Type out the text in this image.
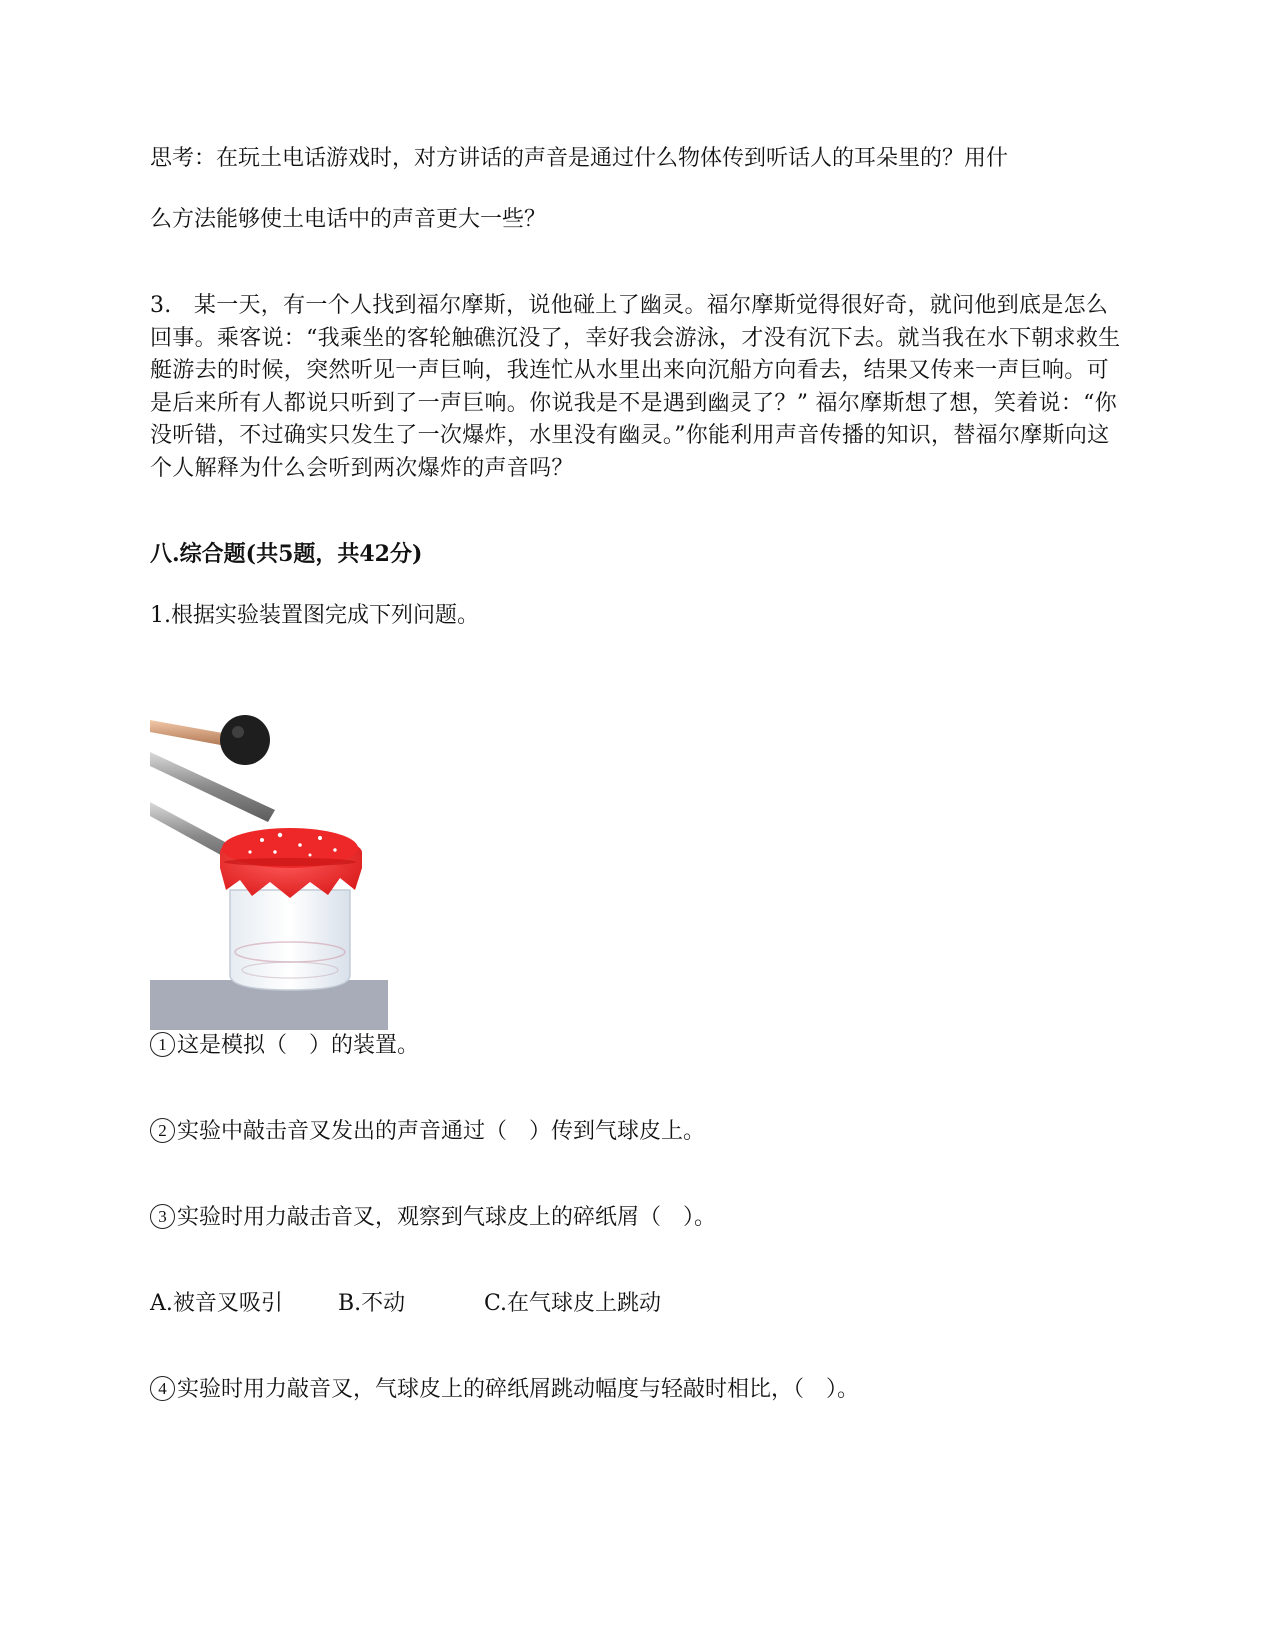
思考：在玩土电话游戏时，对方讲话的声音是通过什么物体传到听话人的耳朵里的？用什
么方法能够使土电话中的声音更大一些？
3.　某一天，有一个人找到福尔摩斯，说他碰上了幽灵。福尔摩斯觉得很好奇，就问他到底是怎么回事。乘客说：“我乘坐的客轮触礁沉没了，幸好我会游泳，才没有沉下去。就当我在水下朝求救生艇游去的时候，突然听见一声巨响，我连忙从水里出来向沉船方向看去，结果又传来一声巨响。可是后来所有人都说只听到了一声巨响。你说我是不是遇到幽灵了？” 福尔摩斯想了想，笑着说：“你没听错，不过确实只发生了一次爆炸，水里没有幽灵。”你能利用声音传播的知识，替福尔摩斯向这个人解释为什么会听到两次爆炸的声音吗？
八.综合题(共5题，共42分)
1.根据实验装置图完成下列问题。
1 这是模拟（　）的装置。
2 实验中敲击音叉发出的声音通过（　）传到气球皮上。
3 实验时用力敲击音叉，观察到气球皮上的碎纸屑（　）。
A.被音叉吸引	B.不动	C.在气球皮上跳动
4 实验时用力敲音叉，气球皮上的碎纸屑跳动幅度与轻敲时相比，（　）。
